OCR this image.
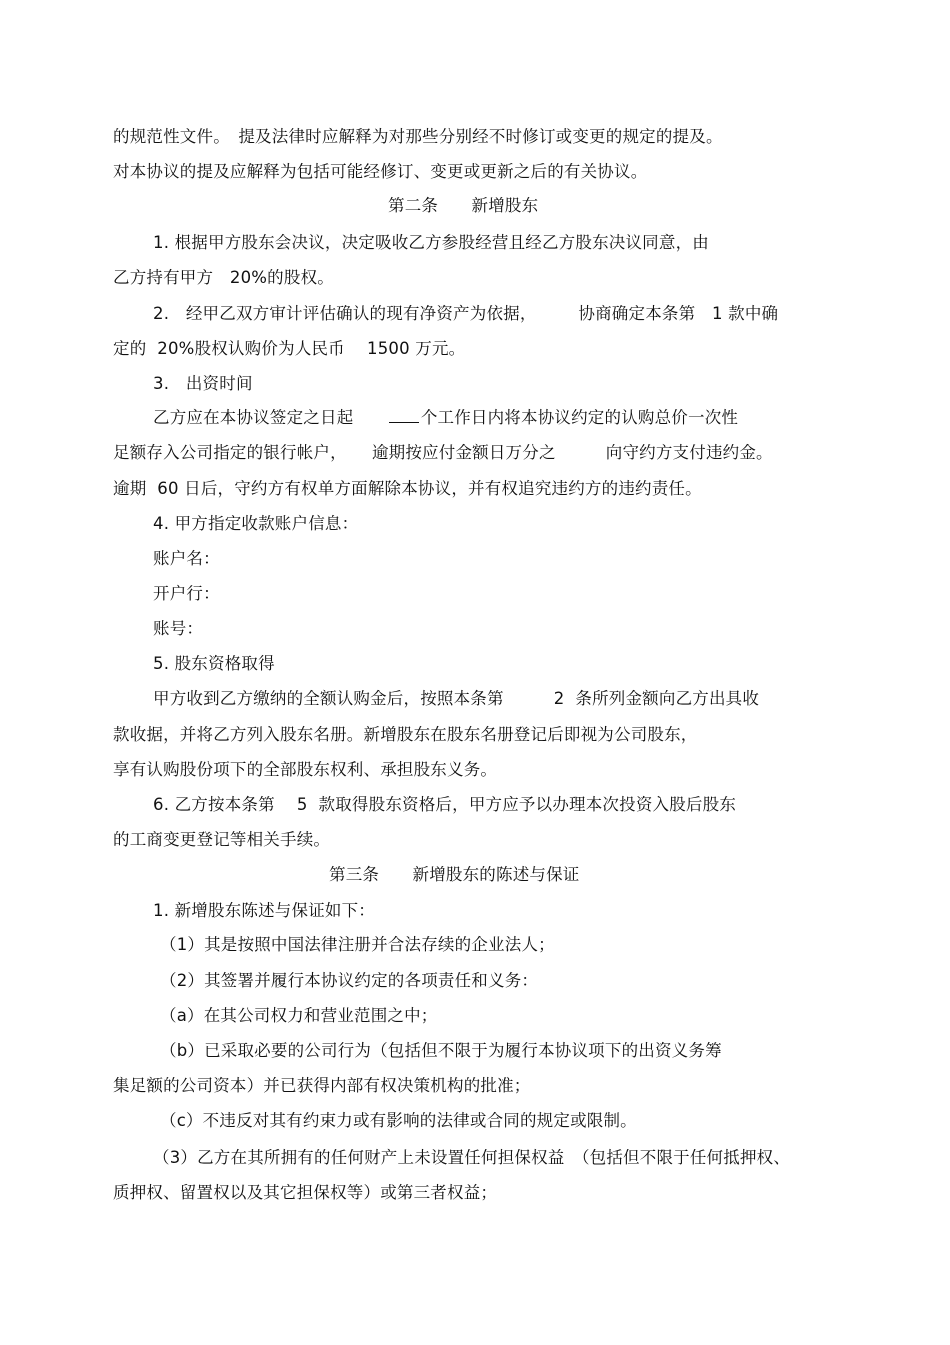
的规范性文件。　提及法律时应解释为对那些分别经不时修订或变更的规定的提及。
对本协议的提及应解释为包括可能经修订、变更或更新之后的有关协议。
第二条　　新增股东
1. 根据甲方股东会决议，决定吸收乙方参股经营且经乙方股东决议同意，由
乙方持有甲方　20%的股权。
2.　经甲乙双方审计评估确认的现有净资产为依据，　　　协商确定本条第　1 款中确
定的  20%股权认购价为人民币　 1500 万元。
3.　出资时间
乙方应在本协议签定之日起　　	个工作日内将本协议约定的认购总价一次性
足额存入公司指定的银行帐户，　　逾期按应付金额日万分之　　　向守约方支付违约金。
逾期  60 日后，守约方有权单方面解除本协议，并有权追究违约方的违约责任。
4. 甲方指定收款账户信息：
账户名：
开户行：
账号：
5. 股东资格取得
甲方收到乙方缴纳的全额认购金后，按照本条第　　　2  条所列金额向乙方出具收
款收据，并将乙方列入股东名册。新增股东在股东名册登记后即视为公司股东，
享有认购股份项下的全部股东权利、承担股东义务。
6. 乙方按本条第　 5  款取得股东资格后，甲方应予以办理本次投资入股后股东
的工商变更登记等相关手续。
第三条　　新增股东的陈述与保证
1. 新增股东陈述与保证如下：
（1）其是按照中国法律注册并合法存续的企业法人；
（2）其签署并履行本协议约定的各项责任和义务：
（a）在其公司权力和营业范围之中；
（b）已采取必要的公司行为（包括但不限于为履行本协议项下的出资义务筹
集足额的公司资本）并已获得内部有权决策机构的批准；
（c）不违反对其有约束力或有影响的法律或合同的规定或限制。
（3）乙方在其所拥有的任何财产上未设置任何担保权益　（包括但不限于任何抵押权、
质押权、留置权以及其它担保权等）或第三者权益；
